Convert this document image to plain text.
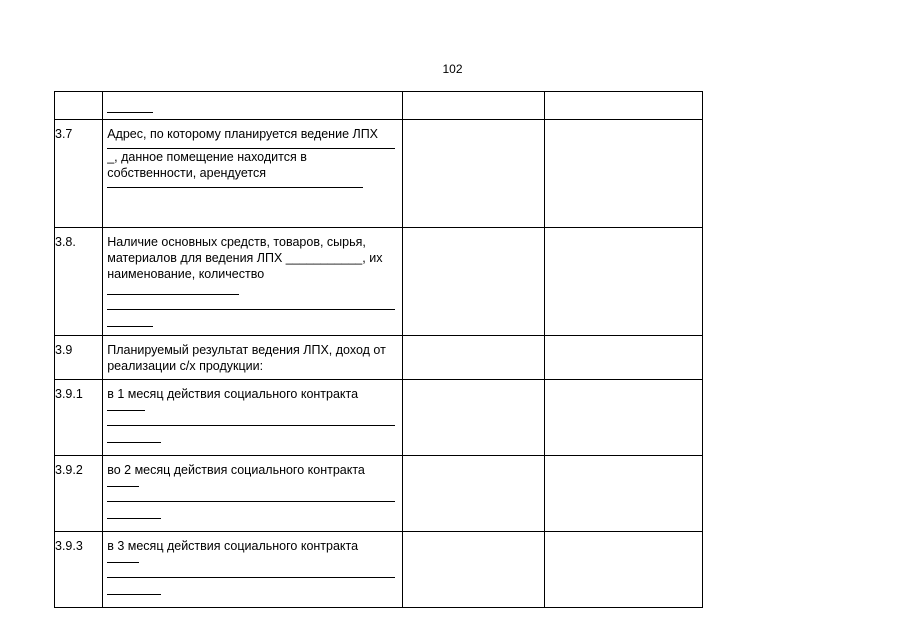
102

3.7	Адрес, по которому планируется ведение ЛПХ
_, данное помещение находится в собственности, арендуется		

3.8.	Наличие основных средств, товаров, сырья, материалов для ведения ЛПХ ___________, их наименование, количество		

3.9	Планируемый результат ведения ЛПХ, доход от реализации с/х продукции:		
3.9.1	в 1 месяц действия социального контракта		

3.9.2	во 2 месяц действия социального контракта		

3.9.3	в 3 месяц действия социального контракта		
